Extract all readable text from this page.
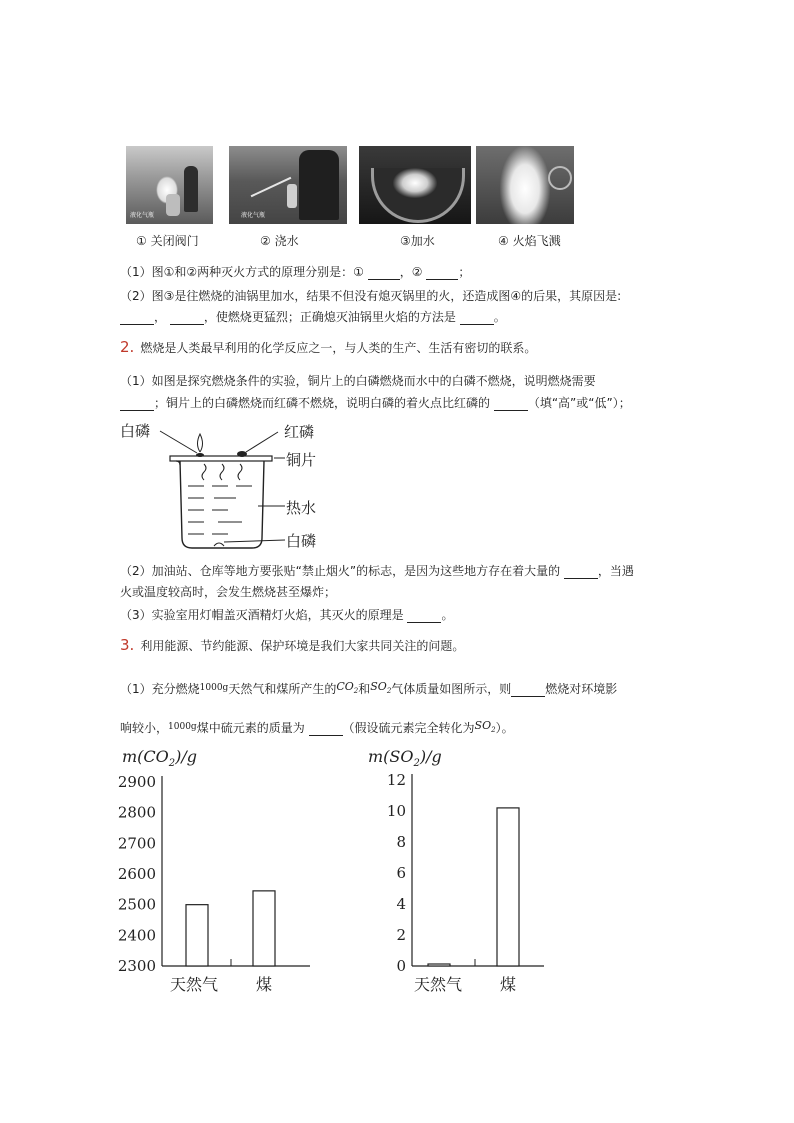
液化气瓶	液化气瓶
① 关闭阀门	② 浇水	③加水	④ 火焰飞溅
（1）图①和②两种灭火方式的原理分别是：①	，②	；
（2）图③是往燃烧的油锅里加水，结果不但没有熄灭锅里的火，还造成图④的后果，其原因是:
，	，使燃烧更猛烈；正确熄灭油锅里火焰的方法是	。
2. 燃烧是人类最早利用的化学反应之一，与人类的生产、生活有密切的联系。
（1）如图是探究燃烧条件的实验，铜片上的白磷燃烧而水中的白磷不燃烧，说明燃烧需要
；铜片上的白磷燃烧而红磷不燃烧，说明白磷的着火点比红磷的	（填“高”或“低”）；
白磷	红磷
铜片
热水
白磷
（2）加油站、仓库等地方要张贴“禁止烟火”的标志，是因为这些地方存在着大量的	，当遇
火或温度较高时，会发生燃烧甚至爆炸；
（3）实验室用灯帽盖灭酒精灯火焰，其灭火的原理是	。
3. 利用能源、节约能源、保护环境是我们大家共同关注的问题。
（1）充分燃烧$^{1000g}$天然气和煤所产生的$CO_2$和$SO_2$气体质量如图所示，则	燃烧对环境影
响较小，$^{1000g}$煤中硫元素的质量为	（假设硫元素完全转化为$SO_2$）。
$m(CO_2)/g$
2300
2400
2500
2600
2700
2800
2900
天然气 煤
$m(SO_2)/g$
0
2
4
6
8
10
12
天然气 煤
